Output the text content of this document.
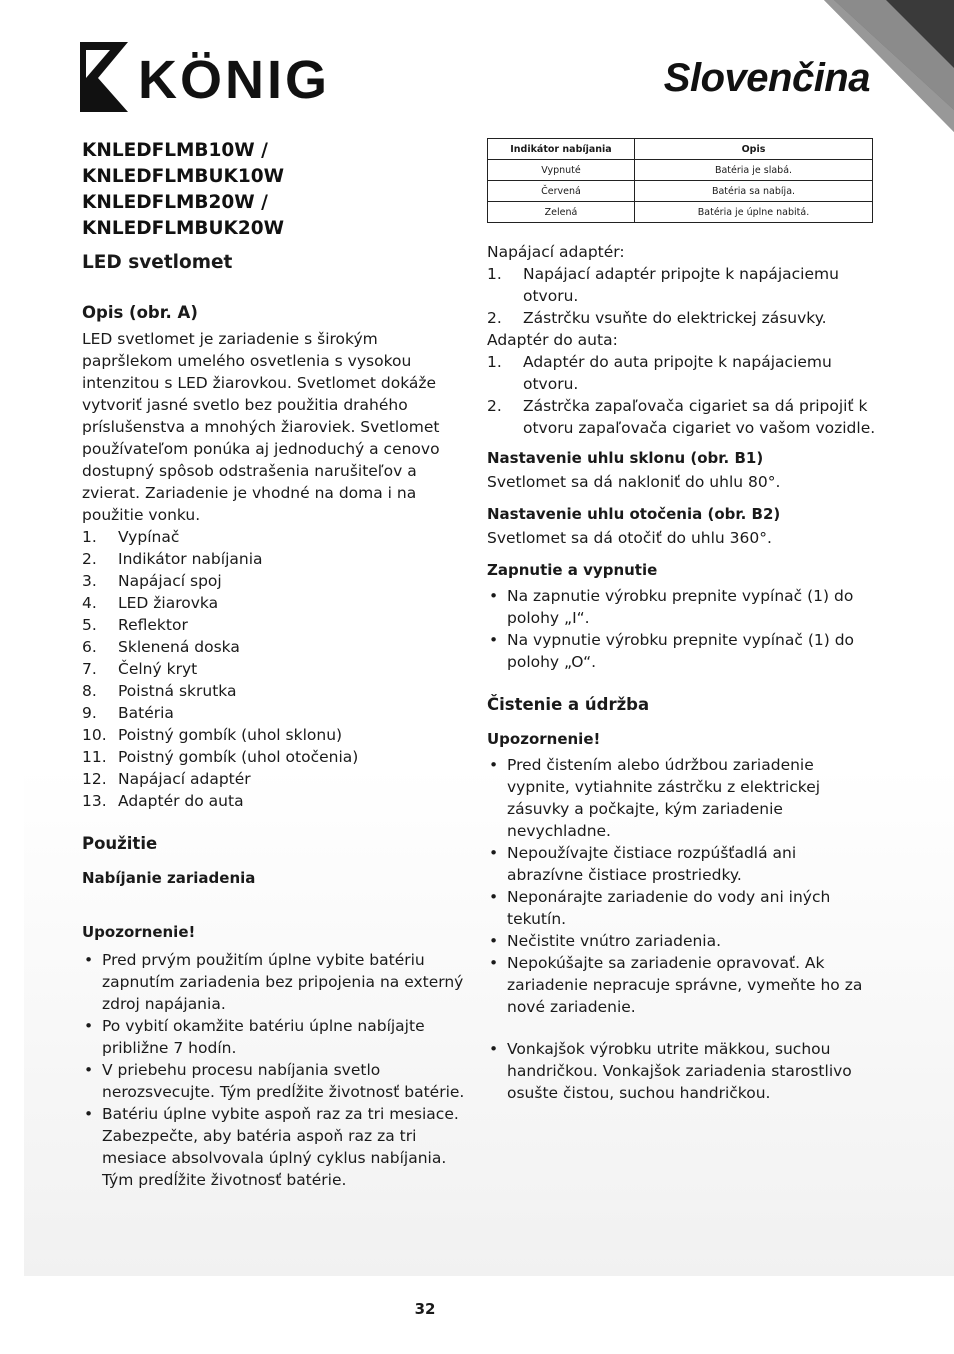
KÖNIG	Slovenčina
KNLEDFLMB10W / KNLEDFLMBUK10W
KNLEDFLMB20W / KNLEDFLMBUK20W
LED svetlomet
Opis (obr. A)

LED svetlomet je zariadenie s širokým papršlekom umelého osvetlenia s vysokou intenzitou s LED žiarovkou. Svetlomet dokáže vytvoriť jasné svetlo bez použitia drahého príslušenstva a mnohých žiaroviek. Svetlomet používateľom ponúka aj jednoduchý a cenovo dostupný spôsob odstrašenia narušiteľov a zvierat. Zariadenie je vhodné na doma i na použitie vonku.

1. Vypínač
2. Indikátor nabíjania
3. Napájací spoj
4. LED žiarovka
5. Reflektor
6. Sklenená doska
7. Čelný kryt
8. Poistná skrutka
9. Batéria
10. Poistný gombík (uhol sklonu)
11. Poistný gombík (uhol otočenia)
12. Napájací adaptér
13. Adaptér do auta
Použitie
Nabíjanie zariadenia
Upozornenie!
• Pred prvým použitím úplne vybite batériu zapnutím zariadenia bez pripojenia na externý zdroj napájania.
• Po vybití okamžite batériu úplne nabíjajte približne 7 hodín.
• V priebehu procesu nabíjania svetlo nerozsvecujte. Tým predĺžite životnosť batérie.
• Batériu úplne vybite aspoň raz za tri mesiace. Zabezpečte, aby batéria aspoň raz za tri mesiace absolvovala úplný cyklus nabíjania. Tým predĺžite životnosť batérie.
Indikátor nabíjania	Opis
Vypnuté	Batéria je slabá.
Červená	Batéria sa nabíja.
Zelená	Batéria je úplne nabitá.
Napájací adaptér:
1. Napájací adaptér pripojte k napájaciemu otvoru.
2. Zástrčku vsuňte do elektrickej zásuvky.
Adaptér do auta:
1. Adaptér do auta pripojte k napájaciemu otvoru.
2. Zástrčka zapaľovača cigariet sa dá pripojiť k otvoru zapaľovača cigariet vo vašom vozidle.
Nastavenie uhlu sklonu (obr. B1)

Svetlomet sa dá nakloniť do uhlu 80°.

Nastavenie uhlu otočenia (obr. B2)

Svetlomet sa dá otočiť do uhlu 360°.

Zapnutie a vypnutie
• Na zapnutie výrobku prepnite vypínač (1) do polohy „I“.
• Na vypnutie výrobku prepnite vypínač (1) do polohy „O“.
Čistenie a údržba
Upozornenie!
• Pred čistením alebo údržbou zariadenie vypnite, vytiahnite zástrčku z elektrickej zásuvky a počkajte, kým zariadenie nevychladne.
• Nepoužívajte čistiace rozpúšťadlá ani abrazívne čistiace prostriedky.
• Neponárajte zariadenie do vody ani iných tekutín.
• Nečistite vnútro zariadenia.
• Nepokúšajte sa zariadenie opravovať. Ak zariadenie nepracuje správne, vymeňte ho za nové zariadenie.
• Vonkajšok výrobku utrite mäkkou, suchou handričkou. Vonkajšok zariadenia starostlivo osušte čistou, suchou handričkou.
32
